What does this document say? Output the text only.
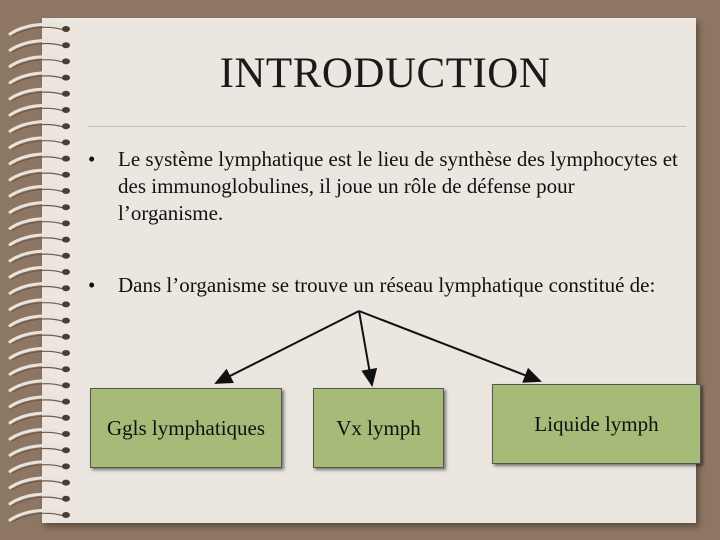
INTRODUCTION
•	Le système lymphatique est le lieu de synthèse des lymphocytes et des immunoglobulines, il joue un rôle de défense pour l’organisme.
•	Dans l’organisme se trouve un réseau lymphatique constitué de:
Ggls lymphatiques	Vx lymph	Liquide lymph
